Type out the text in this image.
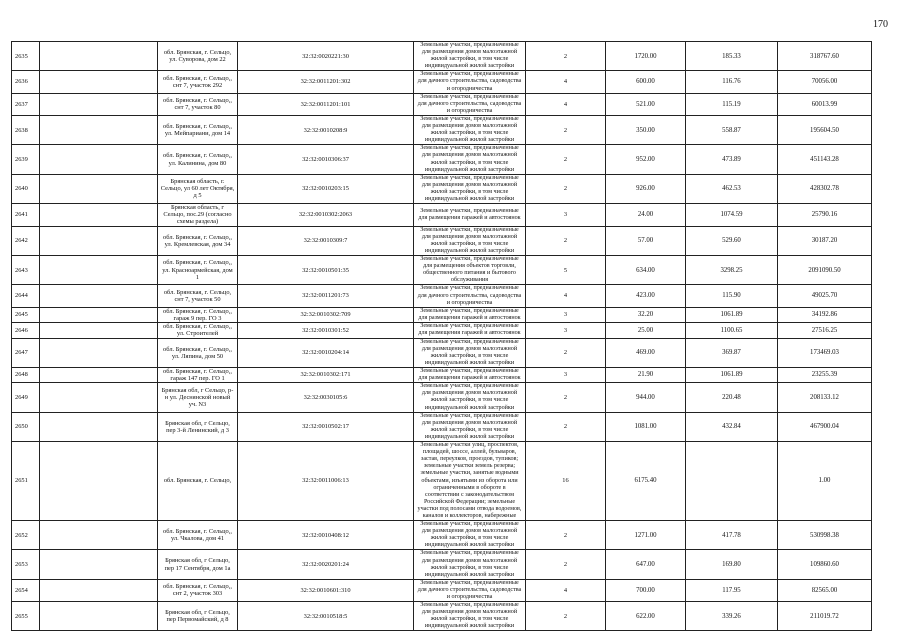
170
2635		обл. Брянская, г. Сельцо, ул. Суворова, дом 22	32:32:0020221:30	Земельные участки, предназначенные для размещения домов малоэтажной жилой застройки, в том числе индивидуальной жилой застройки	2	1720.00	185.33	318767.60
2636		обл. Брянская, г. Сельцо,, снт 7, участок 292	32:32:0011201:302	Земельные участки, предназначенные для дачного строительства, садоводства и огородничества	4	600.00	116.76	70056.00
2637		обл. Брянская, г. Сельцо,, снт 7, участок 80	32:32:0011201:101	Земельные участки, предназначенные для дачного строительства, садоводства и огородничества	4	521.00	115.19	60013.99
2638		обл. Брянская, г. Сельцо,, ул. Мейпариани, дом 14	32:32:0010208:9	Земельные участки, предназначенные для размещения домов малоэтажной жилой застройки, в том числе индивидуальной жилой застройки	2	350.00	558.87	195604.50
2639		обл. Брянская, г. Сельцо,, ул. Калинина, дом 80	32:32:0010306:37	Земельные участки, предназначенные для размещения домов малоэтажной жилой застройки, в том числе индивидуальной жилой застройки	2	952.00	473.89	451143.28
2640		Брянская область, г. Сельцо, ул 60 лет Октября, д 5	32:32:0010203:15	Земельные участки, предназначенные для размещения домов малоэтажной жилой застройки, в том числе индивидуальной жилой застройки	2	926.00	462.53	428302.78
2641		Брянская область, г Сельцо, пос.29 (согласно схемы раздела)	32:32:0010302:2063	Земельные участки, предназначенные для размещения гаражей и автостоянок	3	24.00	1074.59	25790.16
2642		обл. Брянская, г. Сельцо,, ул. Кремлевская, дом 34	32:32:0010309:7	Земельные участки, предназначенные для размещения домов малоэтажной жилой застройки, в том числе индивидуальной жилой застройки	2	57.00	529.60	30187.20
2643		обл. Брянская, г. Сельцо,, ул. Красноармейская, дом 1	32:32:0010501:35	Земельные участки, предназначенные для размещения объектов торговли, общественного питания и бытового обслуживания	5	634.00	3298.25	2091090.50
2644		обл. Брянская, г. Сельцо, снт 7, участок 50	32:32:0011201:73	Земельные участки, предназначенные для дачного строительства, садоводства и огородничества	4	423.00	115.90	49025.70
2645		обл. Брянская, г. Сельцо,, гараж 9 пер. ГО 3	32:32:0010302:709	Земельные участки, предназначенные для размещения гаражей и автостоянок	3	32.20	1061.89	34192.86
2646		обл. Брянская, г. Сельцо,, ул. Строителей	32:32:0010301:52	Земельные участки, предназначенные для размещения гаражей и автостоянок	3	25.00	1100.65	27516.25
2647		обл. Брянская, г. Сельцо,, ул. Ляпина, дом 50	32:32:0010204:14	Земельные участки, предназначенные для размещения домов малоэтажной жилой застройки, в том числе индивидуальной жилой застройки	2	469.00	369.87	173469.03
2648		обл. Брянская, г. Сельцо,, гараж 147 пер. ГО 1	32:32:0010302:171	Земельные участки, предназначенные для размещения гаражей и автостоянок	3	21.90	1061.89	23255.39
2649		Брянская обл, г Сельцо, р-н ул. Деснянской новый уч. N3	32:32:0030105:6	Земельные участки, предназначенные для размещения домов малоэтажной жилой застройки, в том числе индивидуальной жилой застройки	2	944.00	220.48	208133.12
2650		Брянская обл, г Сельцо, пер 3-й Ленинский, д 3	32:32:0010502:17	Земельные участки, предназначенные для размещения домов малоэтажной жилой застройки, в том числе индивидуальной жилой застройки	2	1081.00	432.84	467900.04
2651		обл. Брянская, г. Сельцо,	32:32:0011006:13	Земельные участки улиц, проспектов, площадей, шоссе, аллей, бульваров, застав, переулков, проездов, тупиков; земельные участки земель резерва; земельные участки, занятые водными объектами, изъятыми из оборота или ограниченными в обороте в соответствии с законодательством Российской Федерации; земельные участки под полосами отвода водоемов, каналов и коллекторов, набережные	16	6175.40		1.00
2652		обл. Брянская, г. Сельцо,, ул. Чкалова, дом 41	32:32:0010408:12	Земельные участки, предназначенные для размещения домов малоэтажной жилой застройки, в том числе индивидуальной жилой застройки	2	1271.00	417.78	530998.38
2653		Брянская обл, г Сельцо, пер 17 Сентября, дом 1а	32:32:0020201:24	Земельные участки, предназначенные для размещения домов малоэтажной жилой застройки, в том числе индивидуальной жилой застройки	2	647.00	169.80	109860.60
2654		обл. Брянская, г. Сельцо,, снт 2, участок 303	32:32:0010601:310	Земельные участки, предназначенные для дачного строительства, садоводства и огородничества	4	700.00	117.95	82565.00
2655		Брянская обл, г Сельцо, пер Первомайский, д 8	32:32:0010518:5	Земельные участки, предназначенные для размещения домов малоэтажной жилой застройки, в том числе индивидуальной жилой застройки	2	622.00	339.26	211019.72
